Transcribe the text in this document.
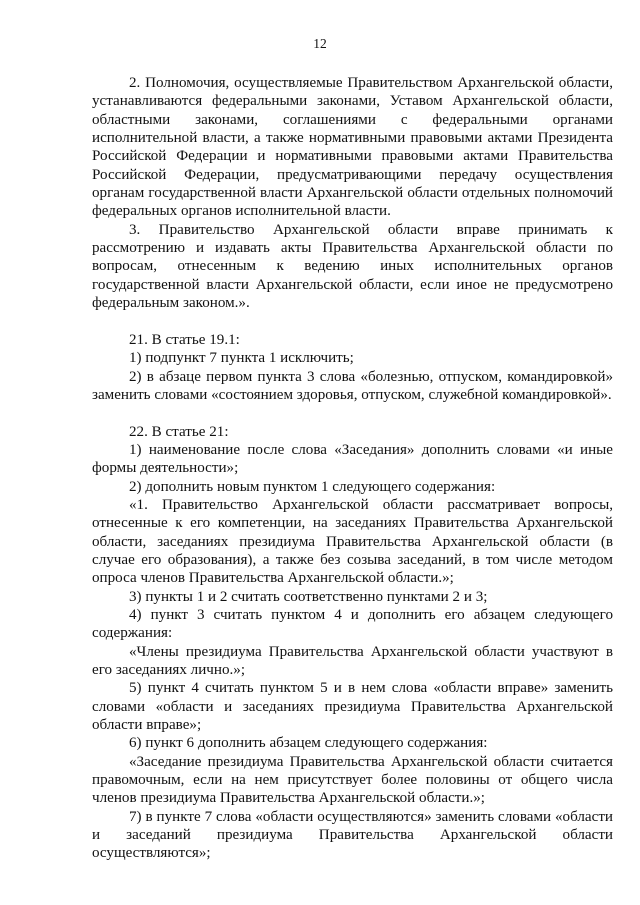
12

2. Полномочия, осуществляемые Правительством Архангельской области, устанавливаются федеральными законами, Уставом Архангельской области, областными законами, соглашениями с федеральными органами исполнительной власти, а также нормативными правовыми актами Президента Российской Федерации и нормативными правовыми актами Правительства Российской Федерации, предусматривающими передачу осуществления органам государственной власти Архангельской области отдельных полномочий федеральных органов исполнительной власти.

3. Правительство Архангельской области вправе принимать к рассмотрению и издавать акты Правительства Архангельской области по вопросам, отнесенным к ведению иных исполнительных органов государственной власти Архангельской области, если иное не предусмотрено федеральным законом.».

21. В статье 19.1:

1) подпункт 7 пункта 1 исключить;

2) в абзаце первом пункта 3 слова «болезнью, отпуском, командировкой» заменить словами «состоянием здоровья, отпуском, служебной командировкой».

22. В статье 21:

1) наименование после слова «Заседания» дополнить словами «и иные формы деятельности»;

2) дополнить новым пунктом 1 следующего содержания:

«1. Правительство Архангельской области рассматривает вопросы, отнесенные к его компетенции, на заседаниях Правительства Архангельской области, заседаниях президиума Правительства Архангельской области (в случае его образования), а также без созыва заседаний, в том числе методом опроса членов Правительства Архангельской области.»;

3) пункты 1 и 2 считать соответственно пунктами 2 и 3;

4) пункт 3 считать пунктом 4 и дополнить его абзацем следующего содержания:

«Члены президиума Правительства Архангельской области участвуют в его заседаниях лично.»;

5) пункт 4 считать пунктом 5 и в нем слова «области вправе» заменить словами «области и заседаниях президиума Правительства Архангельской области вправе»;

6) пункт 6 дополнить абзацем следующего содержания:

«Заседание президиума Правительства Архангельской области считается правомочным, если на нем присутствует более половины от общего числа членов президиума Правительства Архангельской области.»;

7) в пункте 7 слова «области осуществляются» заменить словами «области и заседаний президиума Правительства Архангельской области осуществляются»;
